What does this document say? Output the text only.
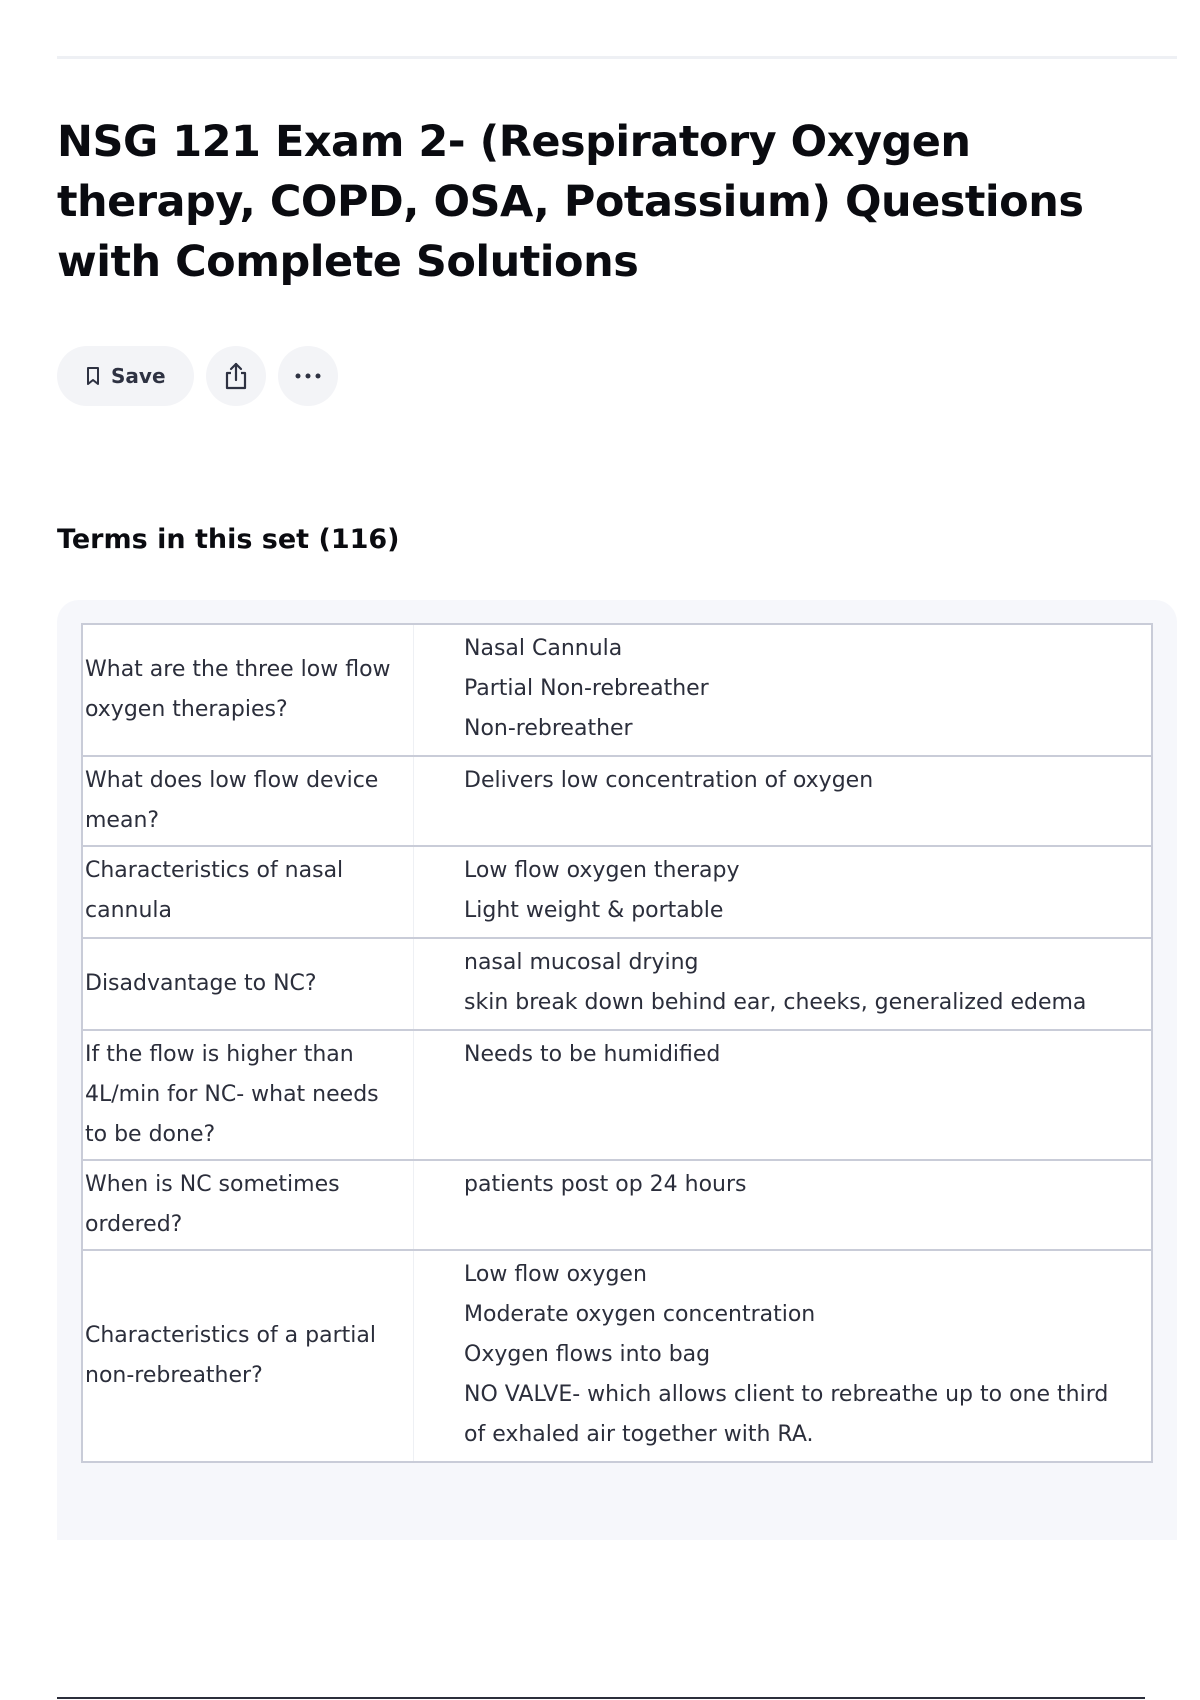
NSG 121 Exam 2- (Respiratory Oxygen therapy, COPD, OSA, Potassium) Questions with Complete Solutions
Save
Terms in this set (116)
What are the three low flow oxygen therapies?	Nasal Cannula
Partial Non-rebreather
Non-rebreather

What does low flow device mean?	Delivers low concentration of oxygen

Characteristics of nasal cannula	Low flow oxygen therapy
Light weight & portable

Disadvantage to NC?	nasal mucosal drying
skin break down behind ear, cheeks, generalized edema

If the flow is higher than 4L/min for NC- what needs to be done?	Needs to be humidified

When is NC sometimes ordered?	patients post op 24 hours

Characteristics of a partial non-rebreather?	Low flow oxygen
Moderate oxygen concentration
Oxygen flows into bag
NO VALVE- which allows client to rebreathe up to one third of exhaled air together with RA.
